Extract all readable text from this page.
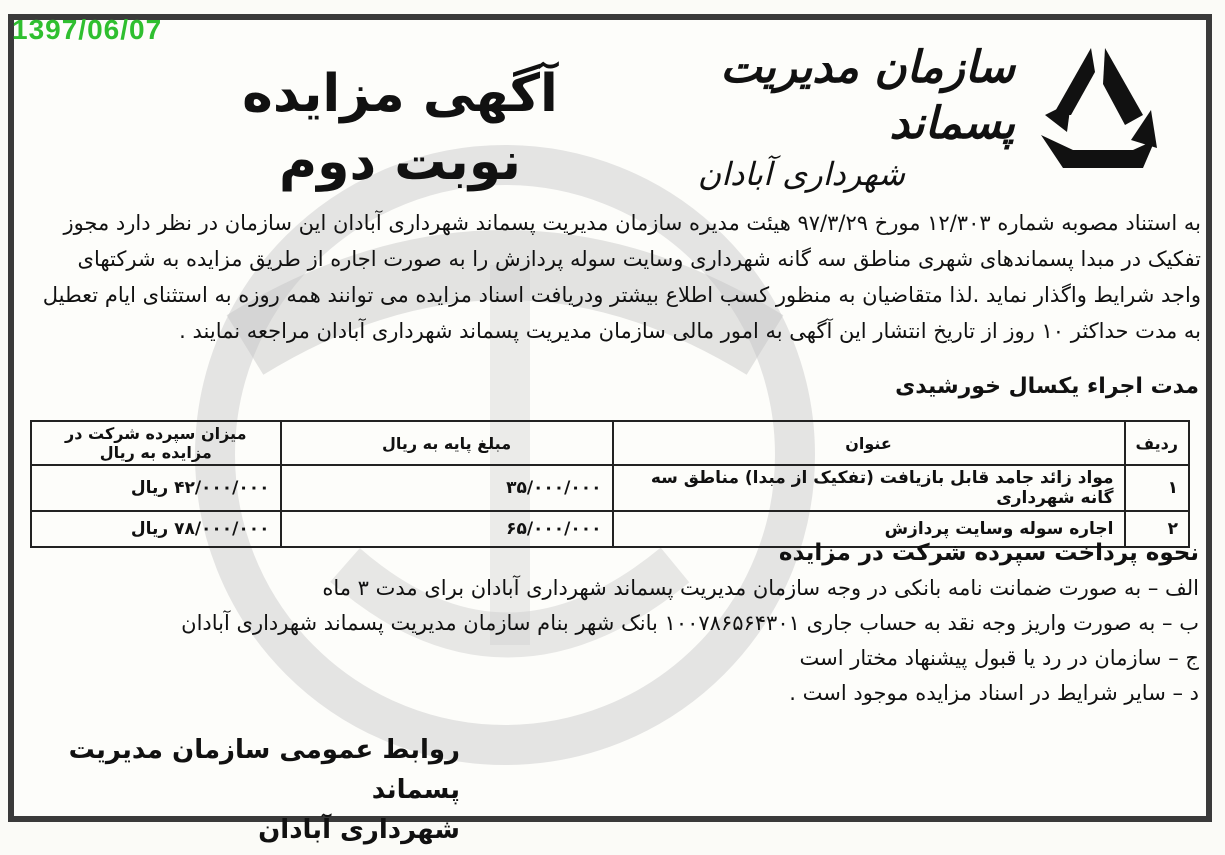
1397/06/07
سازمان مدیریت پسماند
شهرداری آبادان
آگهی مزایده
نوبت دوم
به استناد مصوبه شماره ۱۲/۳۰۳ مورخ ۹۷/۳/۲۹ هیئت مدیره سازمان مدیریت پسماند شهرداری آبادان این سازمان در نظر دارد مجوز
تفکیک در مبدا پسماندهای شهری مناطق سه گانه شهرداری وسایت سوله پردازش را به صورت اجاره از طریق مزایده به شرکتهای
واجد شرایط واگذار نماید .لذا متقاضیان به منظور کسب اطلاع بیشتر ودریافت اسناد مزایده می توانند همه روزه به استثنای ایام تعطیل
به مدت حداکثر ۱۰ روز از تاریخ انتشار این آگهی به امور مالی سازمان مدیریت پسماند شهرداری آبادان مراجعه نمایند .
مدت اجراء یکسال خورشیدی
ردیف	عنوان	مبلغ پایه به ریال	میزان سپرده شرکت در مزایده به ریال
۱	مواد زائد جامد قابل بازیافت (تفکیک از مبدا) مناطق سه گانه شهرداری	۳۵/۰۰۰/۰۰۰	۴۲/۰۰۰/۰۰۰ ریال
۲	اجاره سوله وسایت پردازش	۶۵/۰۰۰/۰۰۰	۷۸/۰۰۰/۰۰۰ ریال
نحوه پرداخت سپرده شرکت در مزایده
الف – به صورت ضمانت نامه بانکی در وجه سازمان مدیریت پسماند شهرداری آبادان برای مدت ۳ ماه
ب – به صورت واریز وجه نقد به حساب جاری ۱۰۰۷۸۶۵۶۴۳۰۱ بانک شهر بنام سازمان مدیریت پسماند شهرداری آبادان
ج – سازمان در رد یا قبول پیشنهاد مختار است
د – سایر شرایط در اسناد مزایده موجود است .
روابط عمومی سازمان مدیریت پسماند
شهرداری آبادان
